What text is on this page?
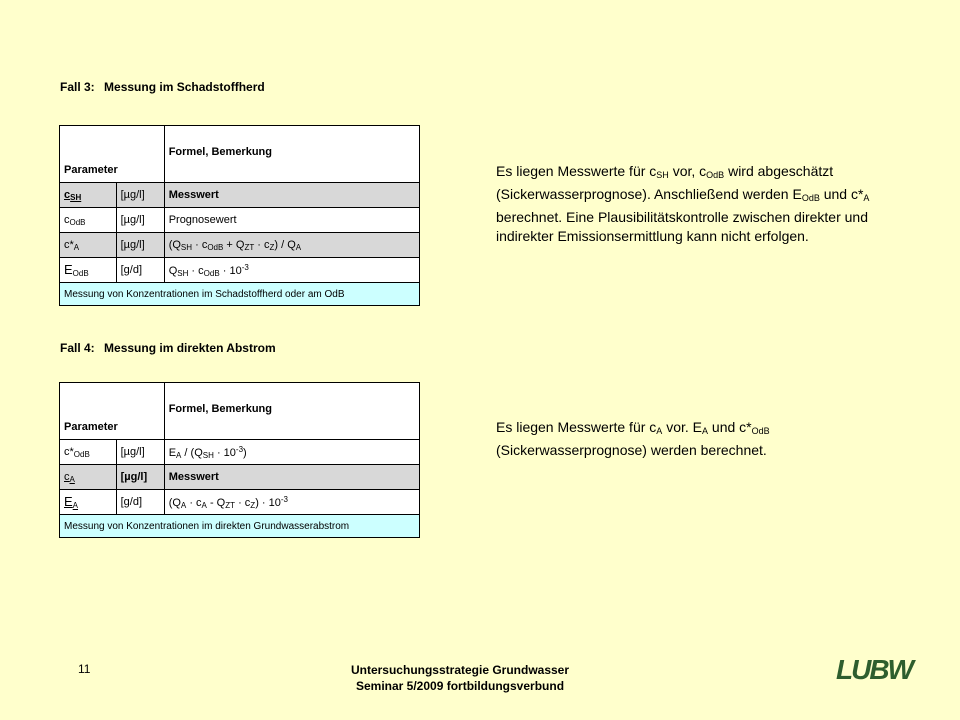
Fall 3: Messung im Schadstoffherd
Parameter		Formel, Bemerkung
$c_{SH}$	[µg/l]	Messwert
$c_{OdB}$	[µg/l]	Prognosewert
$c*_A$	[µg/l]	$(Q_{SH} \cdot c_{OdB} + Q_{ZT} \cdot c_Z) / Q_A$
$E_{OdB}$	[g/d]	$Q_{SH} \cdot c_{OdB} \cdot 10^{-3}$
Messung von Konzentrationen im Schadstoffherd oder am OdB		
Es liegen Messwerte für $c_{SH}$ vor, $c_{OdB}$ wird abgeschätzt (Sickerwasserprognose). Anschließend werden $E_{OdB}$ und $c*_A$ berechnet. Eine Plausibilitätskontrolle zwischen direkter und indirekter Emissionsermittlung kann nicht erfolgen.
Fall 4: Messung im direkten Abstrom
Parameter		Formel, Bemerkung
$c*_{OdB}$	[µg/l]	$E_A / (Q_{SH} \cdot 10^{-3})$
$c_A$	[µg/l]	Messwert
$E_A$	[g/d]	$(Q_A \cdot c_A - Q_{ZT} \cdot c_Z) \cdot 10^{-3}$
Messung von Konzentrationen im direkten Grundwasserabstrom		
Es liegen Messwerte für $c_A$ vor. $E_A$ und $c*_{OdB}$ (Sickerwasserprognose) werden berechnet.
11	Untersuchungsstrategie Grundwasser
Seminar 5/2009 fortbildungsverbund
LUBW
